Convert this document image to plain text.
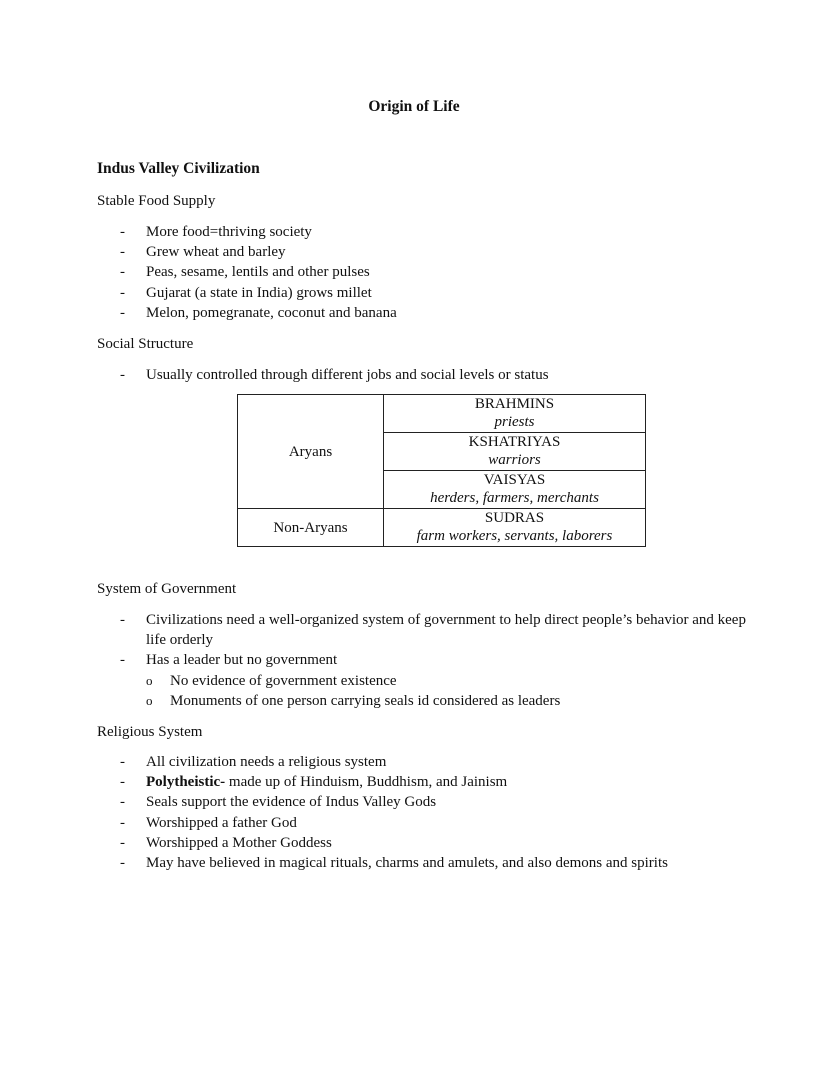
Origin of Life
Indus Valley Civilization
Stable Food Supply
- More food=thriving society
- Grew wheat and barley
- Peas, sesame, lentils and other pulses
- Gujarat (a state in India) grows millet
- Melon, pomegranate, coconut and banana
Social Structure
- Usually controlled through different jobs and social levels or status
Aryans	BRAHMINS
priests

	KSHATRIYAS
warriors

	VAISYAS
herders, farmers, merchants

Non-Aryans	SUDRAS
farm workers, servants, laborers
System of Government
- Civilizations need a well-organized system of government to help direct people’s behavior and keep life orderly
- Has a leader but no government
o No evidence of government existence
o Monuments of one person carrying seals id considered as leaders
Religious System
- All civilization needs a religious system
- Polytheistic- made up of Hinduism, Buddhism, and Jainism
- Seals support the evidence of Indus Valley Gods
- Worshipped a father God
- Worshipped a Mother Goddess
- May have believed in magical rituals, charms and amulets, and also demons and spirits
